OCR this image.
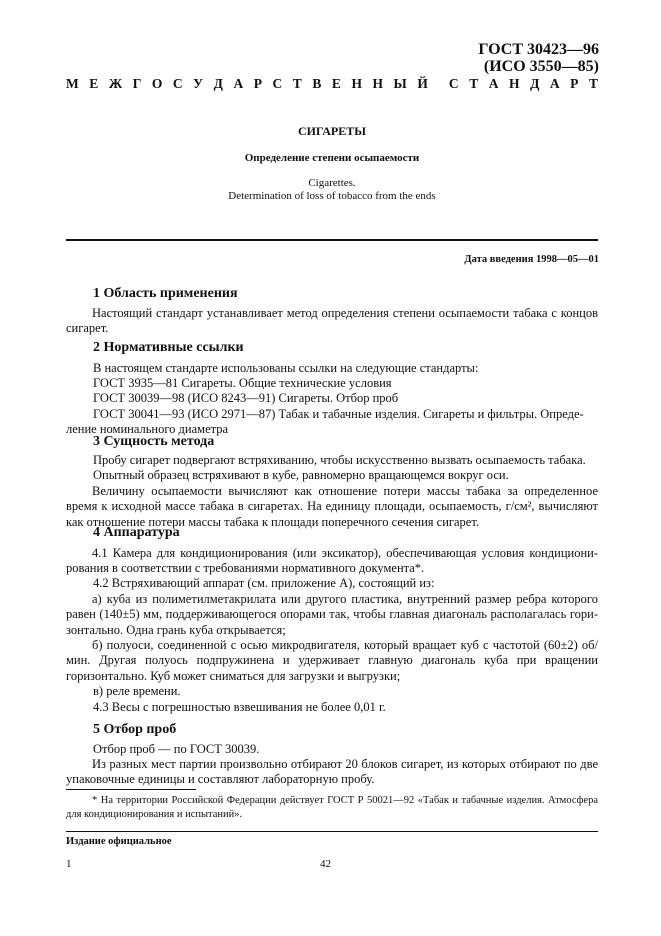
ГОСТ 30423—96
(ИСО 3550—85)
М Е Ж Г О С У Д А Р С Т В Е Н Н Ы Й С Т А Н Д А Р Т
СИГАРЕТЫ
Определение степени осыпаемости
Cigarettes.
Determination of loss of tobacco from the ends
Дата введения 1998—05—01
1 Область применения
Настоящий стандарт устанавливает метод определения степени осыпаемости табака с концов сигарет.
2 Нормативные ссылки
В настоящем стандарте использованы ссылки на следующие стандарты:
ГОСТ 3935—81 Сигареты. Общие технические условия
ГОСТ 30039—98 (ИСО 8243—91) Сигареты. Отбор проб
ГОСТ 30041—93 (ИСО 2971—87) Табак и табачные изделия. Сигареты и фильтры. Опреде-
ление номинального диаметра
3 Сущность метода
Пробу сигарет подвергают встряхиванию, чтобы искусственно вызвать осыпаемость табака.
Опытный образец встряхивают в кубе, равномерно вращающемся вокруг оси.
Величину осыпаемости вычисляют как отношение потери массы табака за определенное время к исходной массе табака в сигаретах. На единицу площади, осыпаемость, г/см², вычисляют как отношение потери массы табака к площади поперечного сечения сигарет.
4 Аппаратура
4.1 Камера для кондиционирования (или эксикатор), обеспечивающая условия кондиционирования в соответствии с требованиями нормативного документа*.
4.2 Встряхивающий аппарат (см. приложение А), состоящий из:
а) куба из полиметилметакрилата или другого пластика, внутренний размер ребра которого равен (140±5) мм, поддерживающегося опорами так, чтобы главная диагональ располагалась горизонтально. Одна грань куба открывается;
б) полуоси, соединенной с осью микродвигателя, который вращает куб с частотой (60±2) об/мин. Другая полуось подпружинена и удерживает главную диагональ куба при вращении горизонтально. Куб может сниматься для загрузки и выгрузки;
в) реле времени.
4.3 Весы с погрешностью взвешивания не более 0,01 г.
5 Отбор проб
Отбор проб — по ГОСТ 30039.
Из разных мест партии произвольно отбирают 20 блоков сигарет, из которых отбирают по две упаковочные единицы и составляют лабораторную пробу.
* На территории Российской Федерации действует ГОСТ Р 50021—92 «Табак и табачные изделия. Атмосфера для кондиционирования и испытаний».
Издание официальное
1	42
